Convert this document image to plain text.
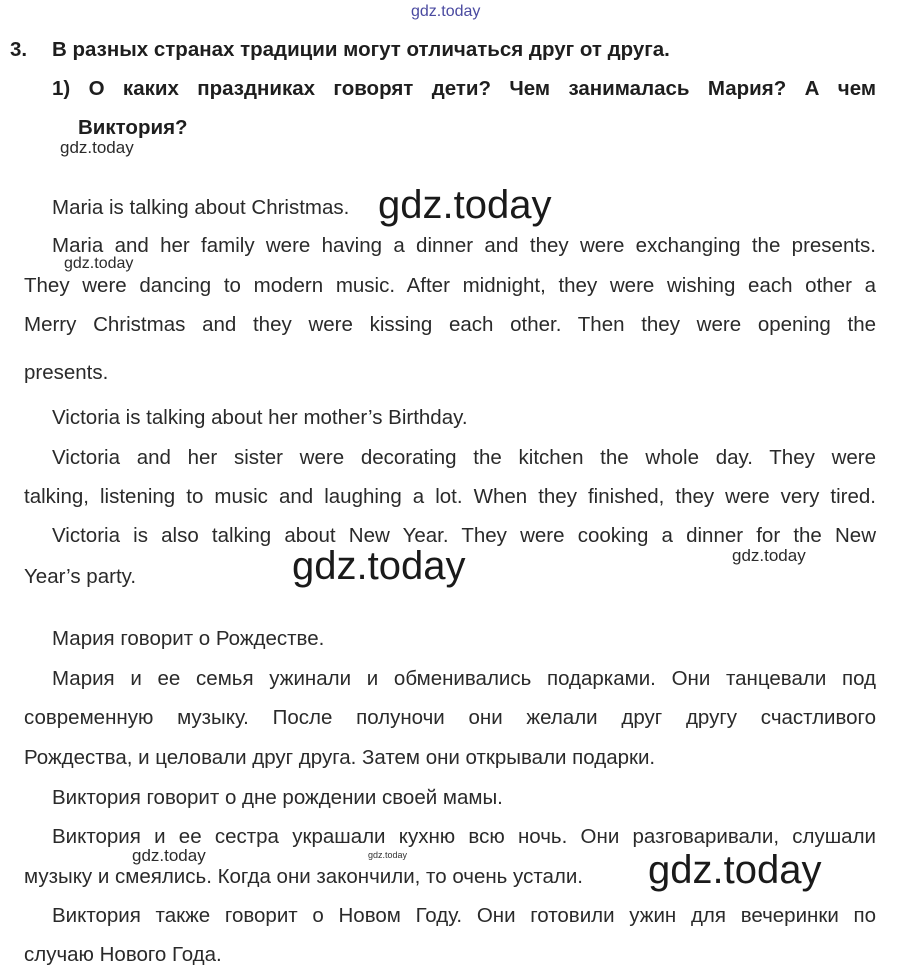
gdz.today
3. В разных странах традиции могут отличаться друг от друга.
1) О каких праздниках говорят дети? Чем занималась Мария? А чем
Виктория?
gdz.today
Maria is talking about Christmas. gdz.today
Maria and her family were having a dinner and they were exchanging the presents.
gdz.today
They were dancing to modern music. After midnight, they were wishing each other a
Merry Christmas and they were kissing each other. Then they were opening the
presents.
Victoria is talking about her mother’s Birthday.
Victoria and her sister were decorating the kitchen the whole day. They were
talking, listening to music and laughing a lot. When they finished, they were very tired.
Victoria is also talking about New Year. They were cooking a dinner for the New
gdz.today
Year’s party.	gdz.today
Мария говорит о Рождестве.
Мария и ее семья ужинали и обменивались подарками. Они танцевали под
современную музыку. После полуночи они желали друг другу счастливого
Рождества, и целовали друг друга. Затем они открывали подарки.
Виктория говорит о дне рождении своей мамы.
Виктория и ее сестра украшали кухню всю ночь. Они разговаривали, слушали
gdz.today	gdz.today
музыку и смеялись. Когда они закончили, то очень устали. gdz.today
Виктория также говорит о Новом Году. Они готовили ужин для вечеринки по
случаю Нового Года.	gdz.today
